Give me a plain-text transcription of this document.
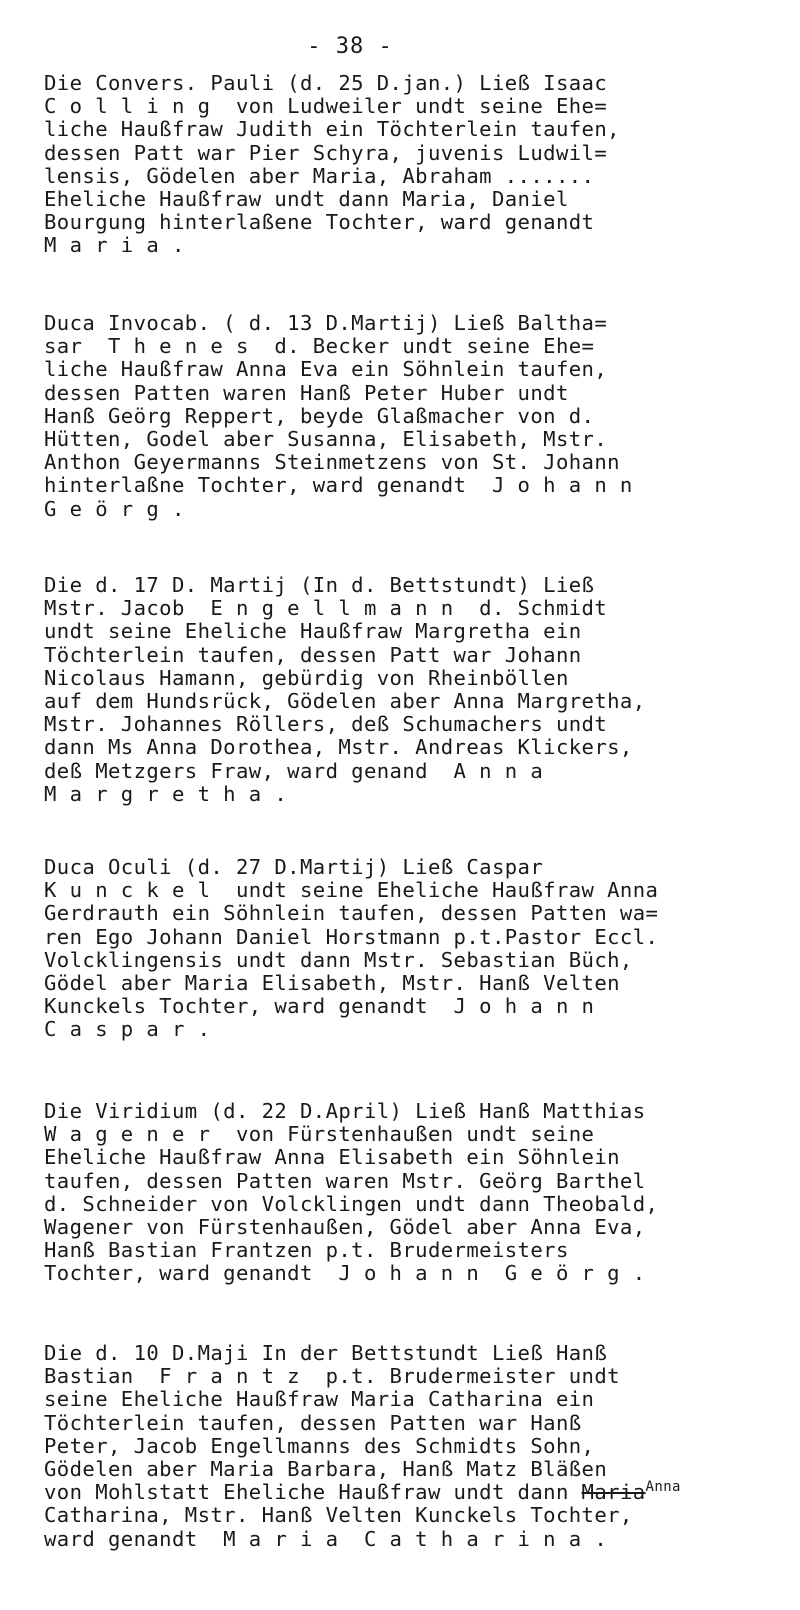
- 38 -
Die Convers. Pauli (d. 25 D.jan.) Ließ Isaac
C o l l i n g  von Ludweiler undt seine Ehe=
liche Haußfraw Judith ein Töchterlein taufen,
dessen Patt war Pier Schyra, juvenis Ludwil=
lensis, Gödelen aber Maria, Abraham .......
Eheliche Haußfraw undt dann Maria, Daniel
Bourgung hinterlaßene Tochter, ward genandt
M a r i a .
Duca Invocab. ( d. 13 D.Martij) Ließ Baltha=
sar  T h e n e s  d. Becker undt seine Ehe=
liche Haußfraw Anna Eva ein Söhnlein taufen,
dessen Patten waren Hanß Peter Huber undt
Hanß Geörg Reppert, beyde Glaßmacher von d.
Hütten, Godel aber Susanna, Elisabeth, Mstr.
Anthon Geyermanns Steinmetzens von St. Johann
hinterlaßne Tochter, ward genandt  J o h a n n
G e ö r g .
Die d. 17 D. Martij (In d. Bettstundt) Ließ
Mstr. Jacob  E n g e l l m a n n  d. Schmidt
undt seine Eheliche Haußfraw Margretha ein
Töchterlein taufen, dessen Patt war Johann
Nicolaus Hamann, gebürdig von Rheinböllen
auf dem Hundsrück, Gödelen aber Anna Margretha,
Mstr. Johannes Röllers, deß Schumachers undt
dann Ms Anna Dorothea, Mstr. Andreas Klickers,
deß Metzgers Fraw, ward genand  A n n a
M a r g r e t h a .
Duca Oculi (d. 27 D.Martij) Ließ Caspar
K u n c k e l  undt seine Eheliche Haußfraw Anna
Gerdrauth ein Söhnlein taufen, dessen Patten wa=
ren Ego Johann Daniel Horstmann p.t.Pastor Eccl.
Volcklingensis undt dann Mstr. Sebastian Büch,
Gödel aber Maria Elisabeth, Mstr. Hanß Velten
Kunckels Tochter, ward genandt  J o h a n n
C a s p a r .
Die Viridium (d. 22 D.April) Ließ Hanß Matthias
W a g e n e r  von Fürstenhaußen undt seine
Eheliche Haußfraw Anna Elisabeth ein Söhnlein
taufen, dessen Patten waren Mstr. Geörg Barthel
d. Schneider von Volcklingen undt dann Theobald,
Wagener von Fürstenhaußen, Gödel aber Anna Eva,
Hanß Bastian Frantzen p.t. Brudermeisters
Tochter, ward genandt  J o h a n n  G e ö r g .
Die d. 10 D.Maji In der Bettstundt Ließ Hanß
Bastian  F r a n t z  p.t. Brudermeister undt
seine Eheliche Haußfraw Maria Catharina ein
Töchterlein taufen, dessen Patten war Hanß
Peter, Jacob Engellmanns des Schmidts Sohn,
Gödelen aber Maria Barbara, Hanß Matz Bläßen
von Mohlstatt Eheliche Haußfraw undt dann Maria$^{Anna}$
Catharina, Mstr. Hanß Velten Kunckels Tochter,
ward genandt  M a r i a  C a t h a r i n a .
